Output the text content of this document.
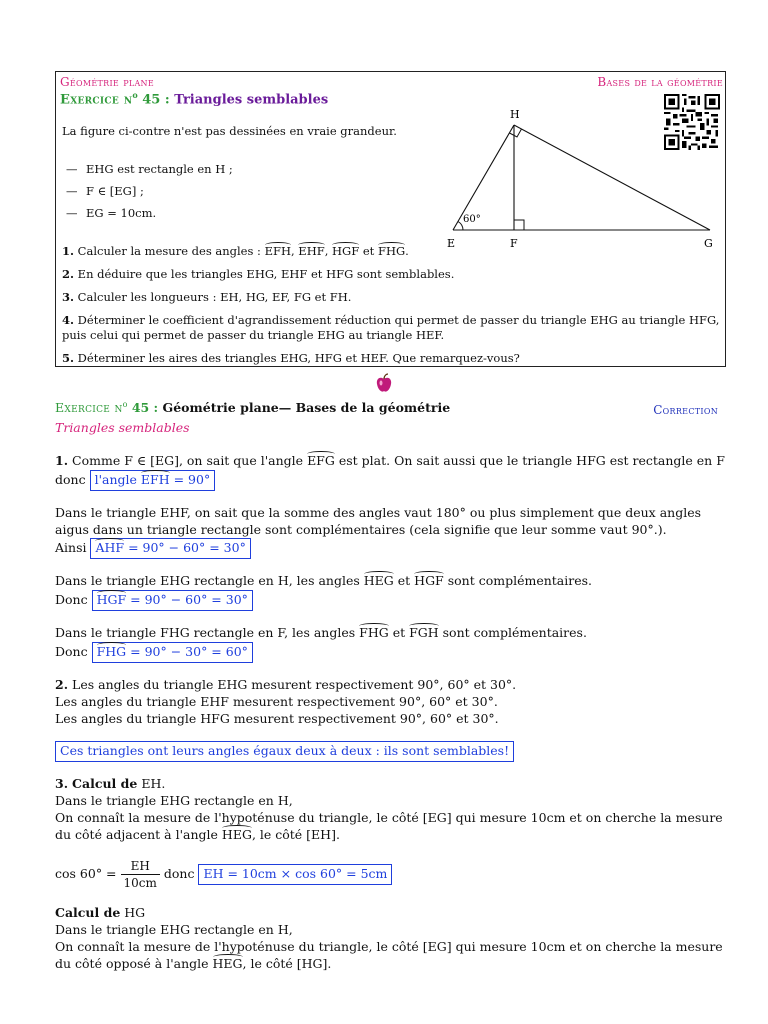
Géométrie plane	Bases de la géométrie
Exercice $n^o$ 45 : Triangles semblables
H
E	F	G
60°
La figure ci-contre n'est pas dessinées en vraie grandeur.
— EHG est rectangle en H ;
— F ∈ [EG] ;
— EG = 10cm.

1. Calculer la mesure des angles : EFH, EHF, HGF et FHG.

2. En déduire que les triangles EHG, EHF et HFG sont semblables.

3. Calculer les longueurs : EH, HG, EF, FG et FH.

4. Déterminer le coefficient d'agrandissement réduction qui permet de passer du triangle EHG au triangle HFG, puis celui qui permet de passer du triangle EHG au triangle HEF.

5. Déterminer les aires des triangles EHG, HFG et HEF. Que remarquez-vous?

Exercice $n^o$ 45 : Géométrie plane— Bases de la géométrie	Correction
Triangles semblables

1. Comme F ∈ [EG], on sait que l'angle EFG est plat. On sait aussi que le triangle HFG est rectangle en F donc l'angle EFH = 90°

Dans le triangle EHF, on sait que la somme des angles vaut 180° ou plus simplement que deux angles aigus dans un triangle rectangle sont complémentaires (cela signifie que leur somme vaut 90°.).
Ainsi AHF = 90° − 60° = 30°

Dans le triangle EHG rectangle en H, les angles HEG et HGF sont complémentaires.
Donc HGF = 90° − 60° = 30°

Dans le triangle FHG rectangle en F, les angles FHG et FGH sont complémentaires.
Donc FHG = 90° − 30° = 60°

2. Les angles du triangle EHG mesurent respectivement 90°, 60° et 30°.
Les angles du triangle EHF mesurent respectivement 90°, 60° et 30°.
Les angles du triangle HFG mesurent respectivement 90°, 60° et 30°.

Ces triangles ont leurs angles égaux deux à deux : ils sont semblables!

3. Calcul de EH.
Dans le triangle EHG rectangle en H,
On connaît la mesure de l'hypoténuse du triangle, le côté [EG] qui mesure 10cm et on cherche la mesure du côté adjacent à l'angle HEG, le côté [EH].

$\cos 60^\circ = \frac{EH}{10cm}$ donc EH = 10cm × cos 60° = 5cm

Calcul de HG
Dans le triangle EHG rectangle en H,
On connaît la mesure de l'hypoténuse du triangle, le côté [EG] qui mesure 10cm et on cherche la mesure du côté opposé à l'angle HEG, le côté [HG].
